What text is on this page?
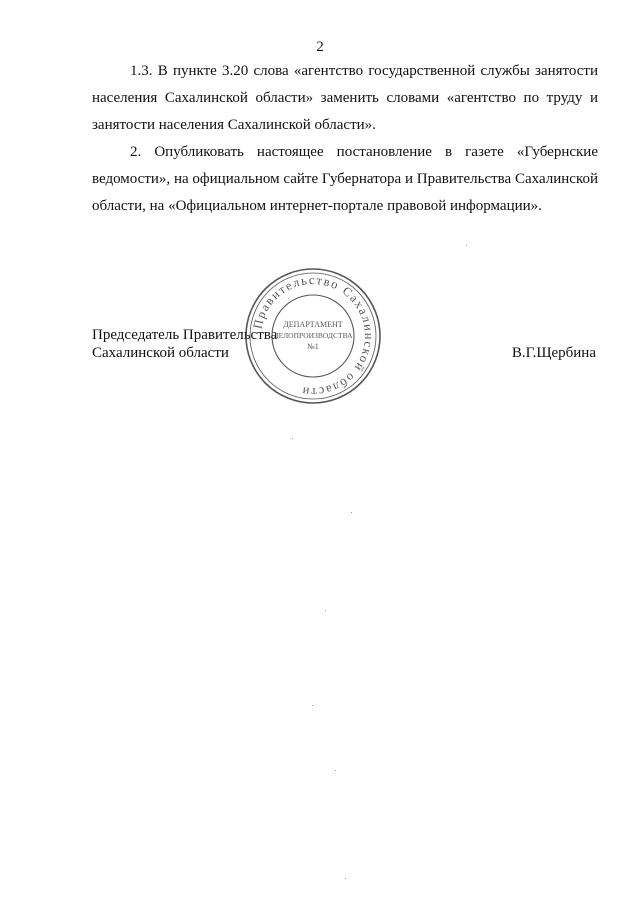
2

1.3. В пункте 3.20 слова «агентство государственной службы занятости населения Сахалинской области» заменить словами «агентство по труду и занятости населения Сахалинской области».

2. Опубликовать настоящее постановление в газете «Губернские ведомости», на официальном сайте Губернатора и Правительства Сахалинской области, на «Официальном интернет-портале правовой информации».

Председатель Правительства
Сахалинской области	В.Г.Щербина
Правительство Сахалинской области
ДЕПАРТАМЕНТ
ДЕЛОПРОИЗВОДСТВА
№1
